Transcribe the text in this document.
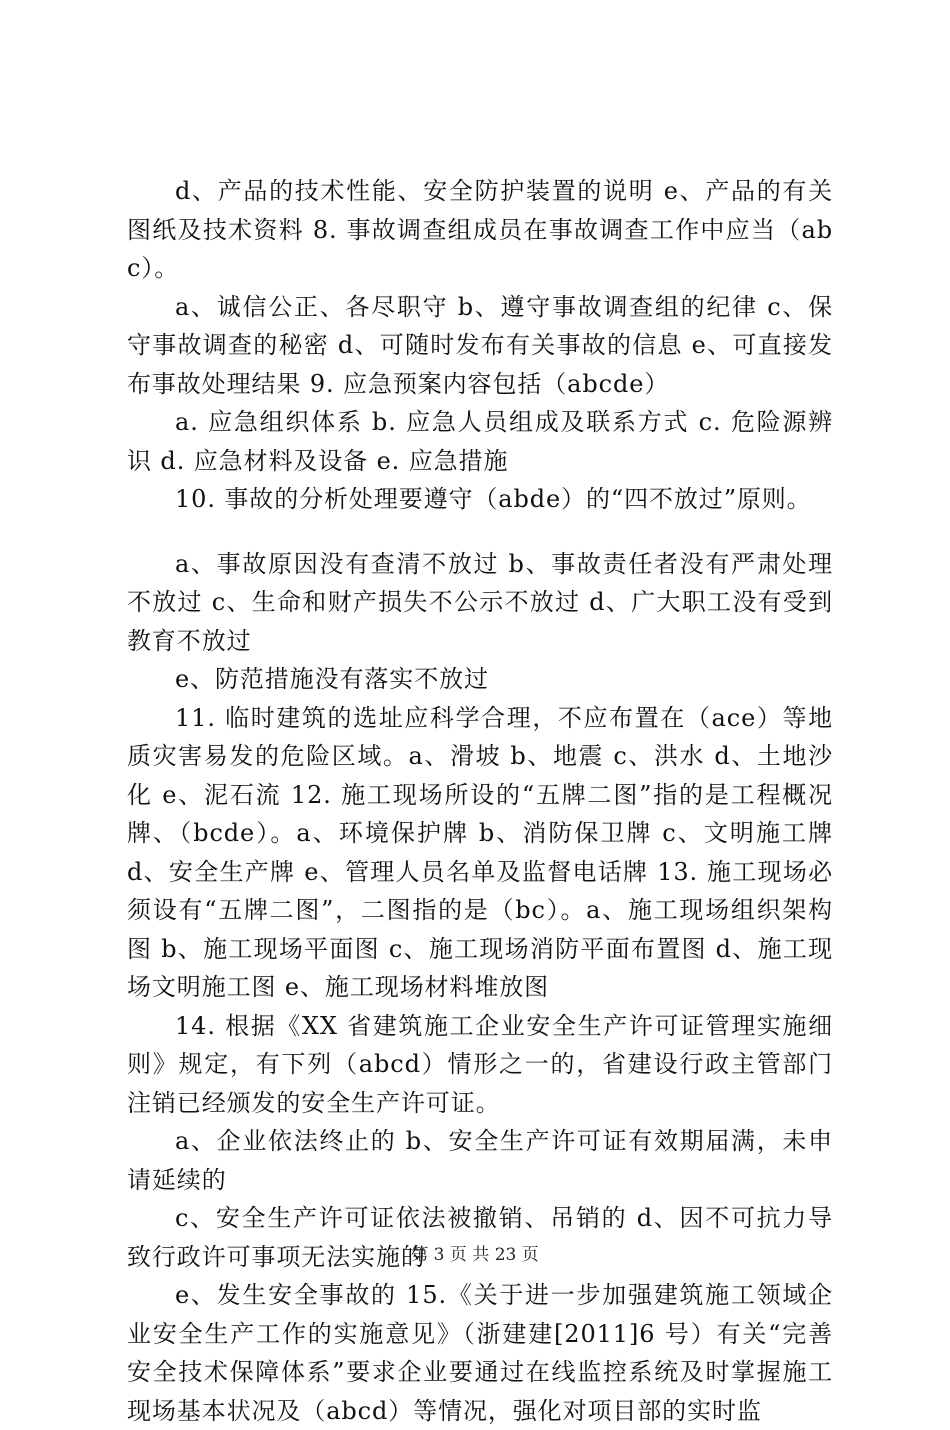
d、产品的技术性能、安全防护装置的说明 e、产品的有关图纸及技术资料 8. 事故调查组成员在事故调查工作中应当（abc）。

a、诚信公正、各尽职守 b、遵守事故调查组的纪律 c、保守事故调查的秘密 d、可随时发布有关事故的信息 e、可直接发布事故处理结果 9. 应急预案内容包括（abcde）

a. 应急组织体系 b. 应急人员组成及联系方式 c. 危险源辨识 d. 应急材料及设备 e. 应急措施

10. 事故的分析处理要遵守（abde）的“四不放过”原则。

a、事故原因没有查清不放过 b、事故责任者没有严肃处理不放过 c、生命和财产损失不公示不放过 d、广大职工没有受到教育不放过

e、防范措施没有落实不放过

11. 临时建筑的选址应科学合理，不应布置在（ace）等地质灾害易发的危险区域。a、滑坡 b、地震 c、洪水 d、土地沙化 e、泥石流 12. 施工现场所设的“五牌二图”指的是工程概况牌、（bcde）。a、环境保护牌 b、消防保卫牌 c、文明施工牌 d、安全生产牌 e、管理人员名单及监督电话牌 13. 施工现场必须设有“五牌二图”，二图指的是（bc）。a、施工现场组织架构图 b、施工现场平面图 c、施工现场消防平面布置图 d、施工现场文明施工图 e、施工现场材料堆放图

14. 根据《XX 省建筑施工企业安全生产许可证管理实施细则》规定，有下列（abcd）情形之一的，省建设行政主管部门注销已经颁发的安全生产许可证。

a、企业依法终止的 b、安全生产许可证有效期届满，未申请延续的

c、安全生产许可证依法被撤销、吊销的 d、因不可抗力导致行政许可事项无法实施的

e、发生安全事故的 15.《关于进一步加强建筑施工领域企业安全生产工作的实施意见》（浙建建[2011]6 号）有关“完善安全技术保障体系”要求企业要通过在线监控系统及时掌握施工现场基本状况及（abcd）等情况，强化对项目部的实时监

第 3 页 共 23 页
